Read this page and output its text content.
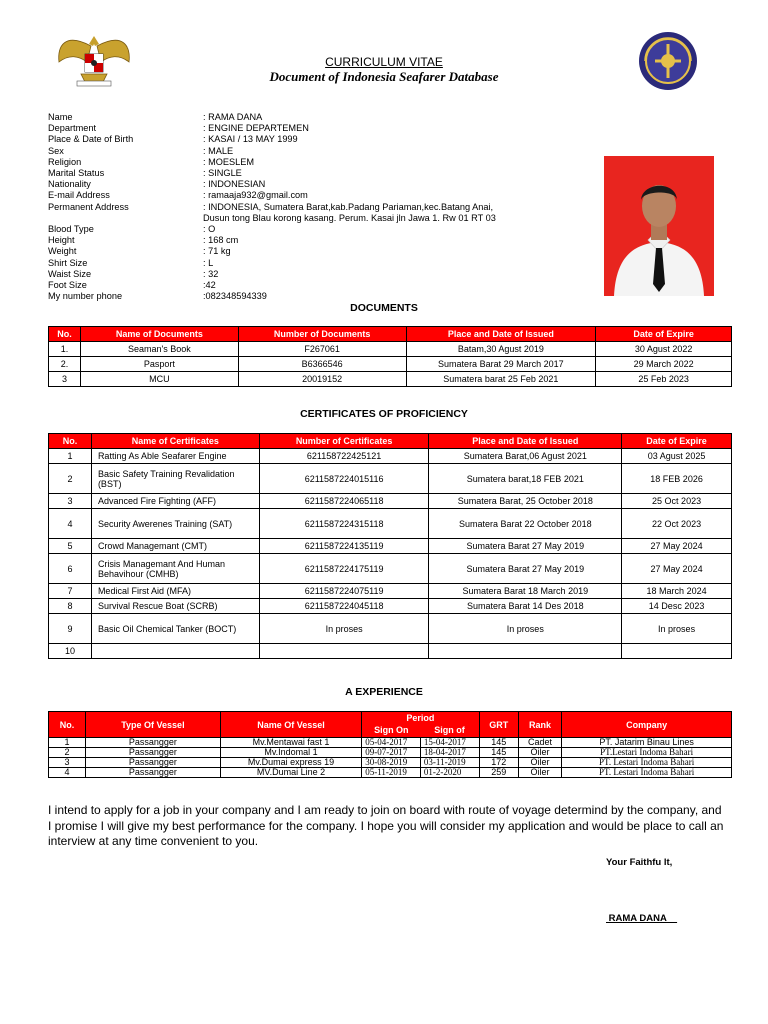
CURRICULUM VITAE
Document of Indonesia Seafarer Database
Name	: RAMA DANA
Department	: ENGINE DEPARTEMEN
Place & Date of Birth	: KASAI / 13 MAY 1999
Sex	: MALE
Religion	: MOESLEM
Marital Status	: SINGLE
Nationality	: INDONESIAN
E-mail Address	: ramaaja932@gmail.com
Permanent Address	: INDONESIA, Sumatera Barat,kab.Padang Pariaman,kec.Batang Anai,
Dusun tong Blau korong kasang. Perum. Kasai jln Jawa 1. Rw 01 RT 03
Blood Type	: O
Height	: 168 cm
Weight	: 71 kg
Shirt Size	: L
Waist Size	: 32
Foot Size	:42
My number phone	:082348594339
DOCUMENTS
No.	Name of Documents	Number of Documents	Place and Date of Issued	Date of Expire
1.	Seaman's Book	F267061	Batam,30 Agust 2019	30 Agust 2022
2.	Pasport	B6366546	Sumatera Barat 29 March 2017	29 March 2022
3	MCU	20019152	Sumatera barat 25 Feb 2021	25 Feb 2023
CERTIFICATES OF PROFICIENCY
No.	Name of Certificates	Number of Certificates	Place and Date of Issued	Date of Expire
1	Ratting As Able Seafarer Engine	621158722425121	Sumatera Barat,06 Agust 2021	03 Agust 2025
2	Basic Safety Training Revalidation (BST)	6211587224015116	Sumatera barat,18 FEB 2021	18 FEB 2026
3	Advanced Fire Fighting (AFF)	6211587224065118	Sumatera Barat, 25 October 2018	25 Oct 2023
4	Security Awerenes Training (SAT)	6211587224315118	Sumatera Barat 22 October 2018	22 Oct 2023
5	Crowd Managemant (CMT)	6211587224135119	Sumatera Barat 27 May 2019	27 May 2024
6	Crisis Managemant And Human Behavihour (CMHB)	6211587224175119	Sumatera Barat 27 May 2019	27 May 2024
7	Medical First Aid (MFA)	6211587224075119	Sumatera Barat 18 March 2019	18 March 2024
8	Survival Rescue Boat (SCRB)	6211587224045118	Sumatera Barat 14 Des 2018	14 Desc 2023
9	Basic Oil Chemical Tanker (BOCT)	In proses	In proses	In proses
10				
A EXPERIENCE
No.	Type Of Vessel	Name Of Vessel	Period		GRT	Rank	Company
			Sign On	Sign of			
1	Passangger	Mv.Mentawai fast 1	05-04-2017	15-04-2017	145	Cadet	PT. Jatarim Binau Lines
2	Passangger	Mv.Indomal 1	09-07-2017	18-04-2017	145	Oiler	PT.Lestari Indoma Bahari
3	Passangger	Mv.Dumai express 19	30-08-2019	03-11-2019	172	Oiler	PT. Lestari Indoma Bahari
4	Passangger	MV.Dumai Line 2	05-11-2019	01-2-2020	259	Oiler	PT. Lestari Indoma Bahari
I intend to apply for a job in your company and I am ready to join on board with route of voyage determind by the company, and I promise I will give my best performance for the company. I hope you will consider my application and would be place to call an interview at any time convenient to you.
Your Faithfu lt,
RAMA DANA
